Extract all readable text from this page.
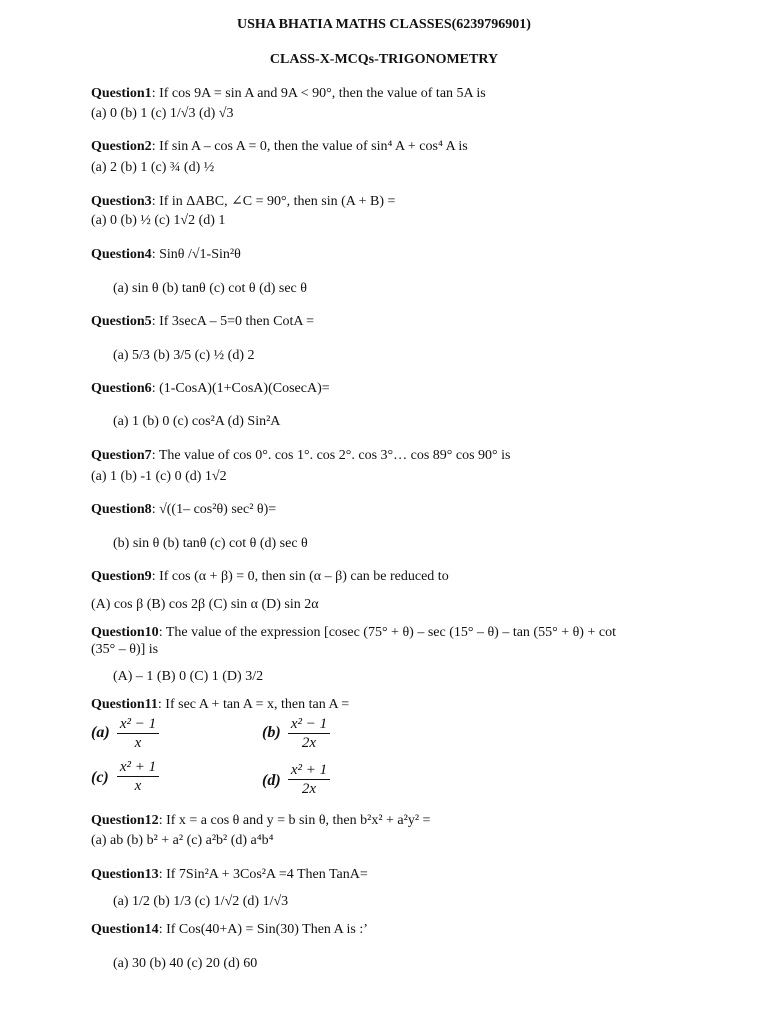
USHA BHATIA MATHS CLASSES(6239796901)
CLASS-X-MCQs-TRIGONOMETRY
Question1: If cos 9A = sin A and 9A < 90°, then the value of tan 5A is
(a) 0 (b) 1 (c) 1/√3 (d) √3
Question2: If sin A – cos A = 0, then the value of sin⁴ A + cos⁴ A is
(a) 2 (b) 1 (c) ¾ (d) ½
Question3: If in ΔABC, ∠C = 90°, then sin (A + B) =
(a) 0 (b) ½ (c) 1√2 (d) 1
Question4: Sinθ /√1-Sin²θ
(a) sin θ (b) tanθ (c) cot θ (d) sec θ
Question5: If 3secA – 5=0 then CotA =
(a) 5/3 (b) 3/5 (c) ½ (d) 2
Question6: (1-CosA)(1+CosA)(CosecA)=
(a) 1 (b) 0 (c) cos²A (d) Sin²A
Question7: The value of cos 0°. cos 1°. cos 2°. cos 3°… cos 89° cos 90° is
(a) 1 (b) -1 (c) 0 (d) 1√2
Question8: √((1– cos²θ) sec² θ)=
(b) sin θ (b) tanθ (c) cot θ (d) sec θ
Question9: If cos (α + β) = 0, then sin (α – β) can be reduced to
(A) cos β (B) cos 2β (C) sin α (D) sin 2α
Question10: The value of the expression [cosec (75° + θ) – sec (15° – θ) – tan (55° + θ) + cot
(35° – θ)] is
(A) – 1 (B) 0 (C) 1 (D) 3/2
Question11: If sec A + tan A = x, then tan A =
(a) x² − 1
x
(b) x² − 1
2x
(c)
x² + 1
x	(d)
x² + 1
2x
Question12: If x = a cos θ and y = b sin θ, then b²x² + a²y² =
(a) ab (b) b² + a² (c) a²b² (d) a⁴b⁴
Question13: If 7Sin²A + 3Cos²A =4 Then TanA=
(a) 1/2 (b) 1/3 (c) 1/√2 (d) 1/√3
Question14: If Cos(40+A) = Sin(30) Then A is :’
(a) 30 (b) 40 (c) 20 (d) 60
